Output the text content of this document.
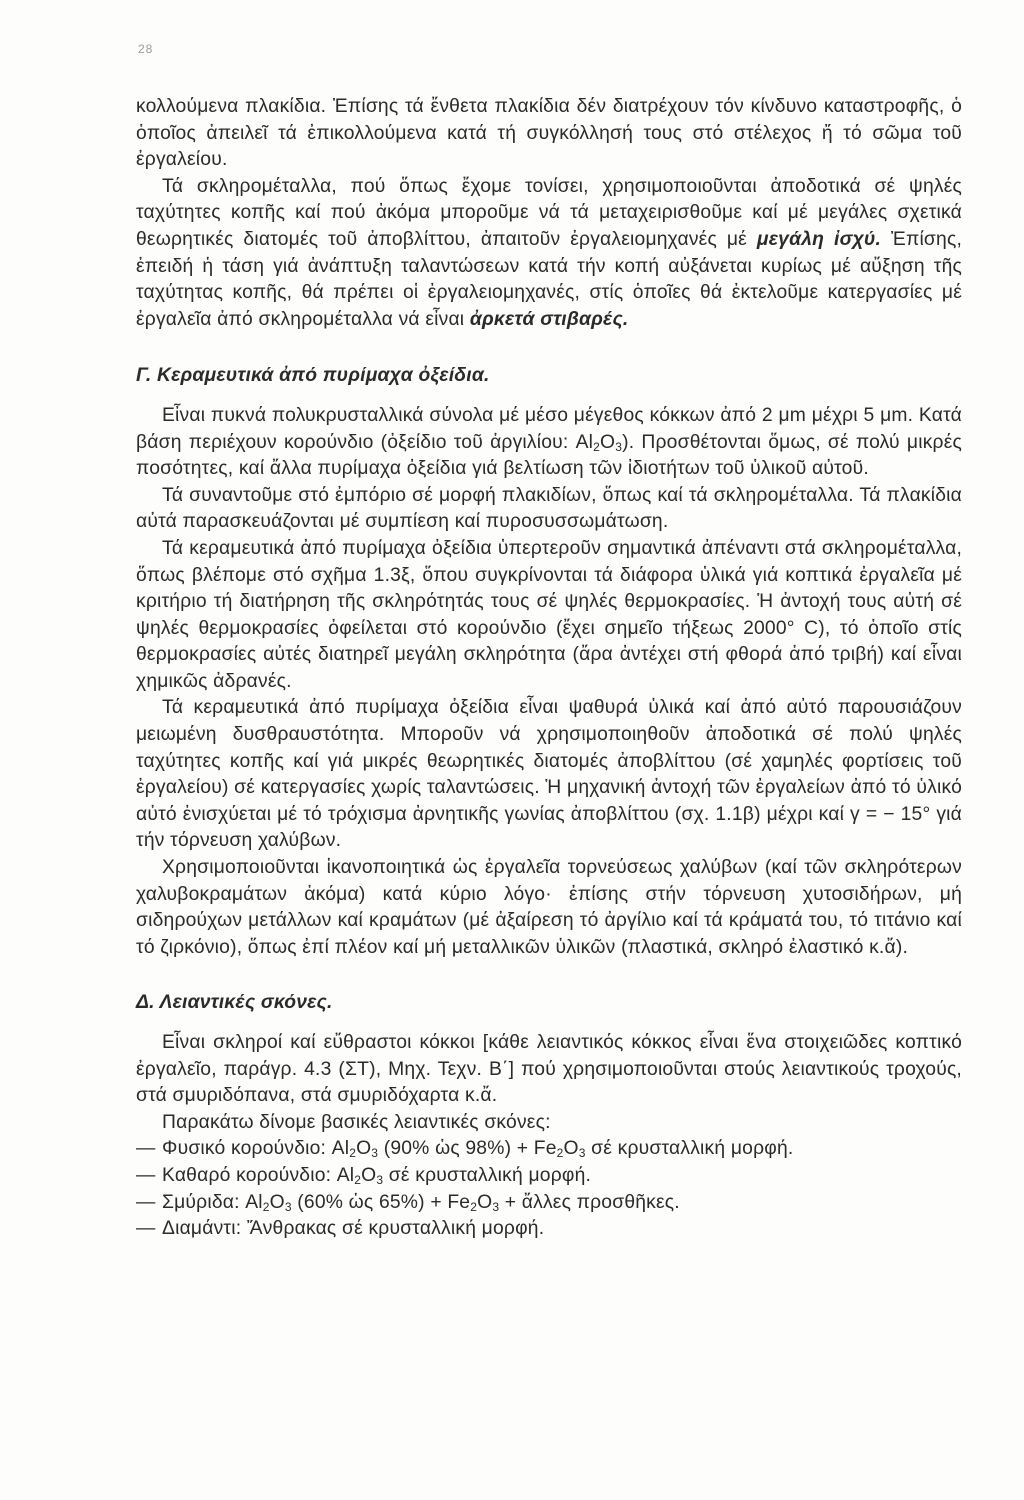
28

κολλούμενα πλακίδια. Ἐπίσης τά ἔνθετα πλακίδια δέν διατρέχουν τόν κίνδυνο καταστροφῆς, ὁ ὁποῖος ἀπειλεῖ τά ἐπικολλούμενα κατά τή συγκόλλησή τους στό στέλεχος ἤ τό σῶμα τοῦ ἐργαλείου.

Τά σκληρομέταλλα, πού ὅπως ἔχομε τονίσει, χρησιμοποιοῦνται ἀποδοτικά σέ ψηλές ταχύτητες κοπῆς καί πού ἀκόμα μποροῦμε νά τά μεταχειρισθοῦμε καί μέ μεγάλες σχετικά θεωρητικές διατομές τοῦ ἀποβλίττου, ἀπαιτοῦν ἐργαλειομηχανές μέ μεγάλη ἰσχύ. Ἐπίσης, ἐπειδή ἡ τάση γιά ἀνάπτυξη ταλαντώσεων κατά τήν κοπή αὐξάνεται κυρίως μέ αὔξηση τῆς ταχύτητας κοπῆς, θά πρέπει οἱ ἐργαλειομηχανές, στίς ὁποῖες θά ἐκτελοῦμε κατεργασίες μέ ἐργαλεῖα ἀπό σκληρομέταλλα νά εἶναι ἀρκετά στιβαρές.

Γ. Κεραμευτικά ἀπό πυρίμαχα ὀξείδια.

Εἶναι πυκνά πολυκρυσταλλικά σύνολα μέ μέσο μέγεθος κόκκων ἀπό 2 μm μέχρι 5 μm. Κατά βάση περιέχουν κορούνδιο (ὀξείδιο τοῦ ἀργιλίου: $Al_2O_3$). Προσθέτονται ὅμως, σέ πολύ μικρές ποσότητες, καί ἄλλα πυρίμαχα ὀξείδια γιά βελτίωση τῶν ἰδιοτήτων τοῦ ὑλικοῦ αὐτοῦ.

Τά συναντοῦμε στό ἐμπόριο σέ μορφή πλακιδίων, ὅπως καί τά σκληρομέταλλα. Τά πλακίδια αὐτά παρασκευάζονται μέ συμπίεση καί πυροσυσσωμάτωση.

Τά κεραμευτικά ἀπό πυρίμαχα ὀξείδια ὑπερτεροῦν σημαντικά ἀπέναντι στά σκληρομέταλλα, ὅπως βλέπομε στό σχῆμα 1.3ξ, ὅπου συγκρίνονται τά διάφορα ὑλικά γιά κοπτικά ἐργαλεῖα μέ κριτήριο τή διατήρηση τῆς σκληρότητάς τους σέ ψηλές θερμοκρασίες. Ἡ ἀντοχή τους αὐτή σέ ψηλές θερμοκρασίες ὀφείλεται στό κορούνδιο (ἔχει σημεῖο τήξεως 2000° C), τό ὁποῖο στίς θερμοκρασίες αὐτές διατηρεῖ μεγάλη σκληρότητα (ἄρα ἀντέχει στή φθορά ἀπό τριβή) καί εἶναι χημικῶς ἀδρανές.

Τά κεραμευτικά ἀπό πυρίμαχα ὀξείδια εἶναι ψαθυρά ὑλικά καί ἀπό αὐτό παρουσιάζουν μειωμένη δυσθραυστότητα. Μποροῦν νά χρησιμοποιηθοῦν ἀποδοτικά σέ πολύ ψηλές ταχύτητες κοπῆς καί γιά μικρές θεωρητικές διατομές ἀποβλίττου (σέ χαμηλές φορτίσεις τοῦ ἐργαλείου) σέ κατεργασίες χωρίς ταλαντώσεις. Ἡ μηχανική ἀντοχή τῶν ἐργαλείων ἀπό τό ὑλικό αὐτό ἐνισχύεται μέ τό τρόχισμα ἀρνητικῆς γωνίας ἀποβλίττου (σχ. 1.1β) μέχρι καί γ = − 15° γιά τήν τόρνευση χαλύβων.

Χρησιμοποιοῦνται ἱκανοποιητικά ὡς ἐργαλεῖα τορνεύσεως χαλύβων (καί τῶν σκληρότερων χαλυβοκραμάτων ἀκόμα) κατά κύριο λόγο· ἐπίσης στήν τόρνευση χυτοσιδήρων, μή σιδηρούχων μετάλλων καί κραμάτων (μέ ἀξαίρεση τό ἀργίλιο καί τά κράματά του, τό τιτάνιο καί τό ζιρκόνιο), ὅπως ἐπί πλέον καί μή μεταλλικῶν ὑλικῶν (πλαστικά, σκληρό ἐλαστικό κ.ἄ).

Δ. Λειαντικές σκόνες.

Εἶναι σκληροί καί εὔθραστοι κόκκοι [κάθε λειαντικός κόκκος εἶναι ἕνα στοιχειῶδες κοπτικό ἐργαλεῖο, παράγρ. 4.3 (ΣΤ), Μηχ. Τεχν. Β΄] πού χρησιμοποιοῦνται στούς λειαντικούς τροχούς, στά σμυριδόπανα, στά σμυριδόχαρτα κ.ἄ.

Παρακάτω δίνομε βασικές λειαντικές σκόνες:

— Φυσικό κορούνδιο: $Al_2O_3$ (90% ὡς $98\%) + Fe_2O_3$ σέ κρυσταλλική μορφή.
— Καθαρό κορούνδιο: $Al_2O_3$ σέ κρυσταλλική μορφή.
— Σμύριδα: $Al_2O_3$ (60% ὡς $65\%) + Fe_2O_3$ + ἄλλες προσθῆκες.
— Διαμάντι: Ἄνθρακας σέ κρυσταλλική μορφή.
